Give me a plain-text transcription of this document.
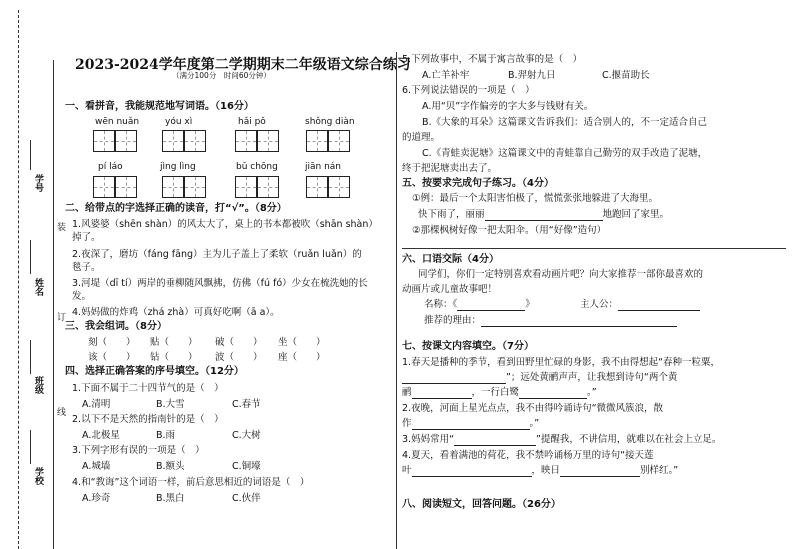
学号
姓名
班级
学校
装
订
线
2023-2024学年度第二学期期末二年级语文综合练习
（满分100分　时间60分钟）
一、看拼音，我能规范地写词语。（16分）
wēn nuǎn	yóu xì	hǎi pǒ	shǒng diàn
pí láo	jìng lìng	bǔ chōng	jiān nán
二、给带点的字选择正确的读音，打“√”。（8分）
1.风婆婆（shēn shàn）的风太大了，桌上的书本都被吹（shān shàn）
掉了。
2.夜深了，磨坊（fáng fāng）主为儿子盖上了柔软（ruǎn luǎn）的
毯子。
3.河堤（dī tí）两岸的垂柳随风飘拂，仿佛（fú fó）少女在梳洗她的长
发。
4.妈妈做的炸鸡（zhá zhà）可真好吃啊（ā a）。
三、我会组词。（8分）
刻（　　） 贴（　　） 破（　　） 坐（　　）
该（　　） 钻（　　） 波（　　） 座（　　）
四、选择正确答案的序号填空。（12分）
1.下面不属于二十四节气的是（　）
A.清明	B.大雪	C.春节
2.以下不是天然的指南针的是（　）
A.北极星	B.雨	C.大树
3.下列字形有误的一项是（　）
A.城墙	B.额头	C.铜壕
4.和“教诲”这个词语一样，前后意思相近的词语是（　）
A.珍奇	B.黑白	C.伙伴
5.下列故事中，不属于寓言故事的是（　）
A.亡羊补牢	B.羿射九日	C.揠苗助长
6.下列说法错误的一项是（　）
A.用“贝”字作偏旁的字大多与钱财有关。
B.《大象的耳朵》这篇课文告诉我们：适合别人的，不一定适合自己
的道理。
C.《青蛙卖泥塘》这篇课文中的青蛙靠自己勤劳的双手改造了泥塘，
终于把泥塘卖出去了。
五、按要求完成句子练习。（4分）
①例：最后一个太阳害怕极了，慌慌张张地躲进了大海里。
快下雨了，丽丽	地跑回了家里。
②那棵枫树好像一把太阳伞。（用“好像”造句）
六、口语交际（4分）
同学们，你们一定特别喜欢看动画片吧？向大家推荐一部你最喜欢的
动画片或儿童故事吧！
名称：《	》	主人公：
推荐的理由：
七、按课文内容填空。（7分）
1.春天是播种的季节，看到田野里忙碌的身影，我不由得想起“春种一粒粟，
”；远处黄鹂声声，让我想到诗句“两个黄
鹂	，一行白鹭	。”
2.夜晚，河面上星光点点，我不由得吟诵诗句“微微风簇浪，散
作	。”
3.妈妈常用“	”提醒我，不讲信用，就难以在社会上立足。
4.夏天，看着满池的荷花，我不禁吟诵杨万里的诗句“接天莲
叶	，映日	别样红。”
八、阅读短文，回答问题。（26分）
